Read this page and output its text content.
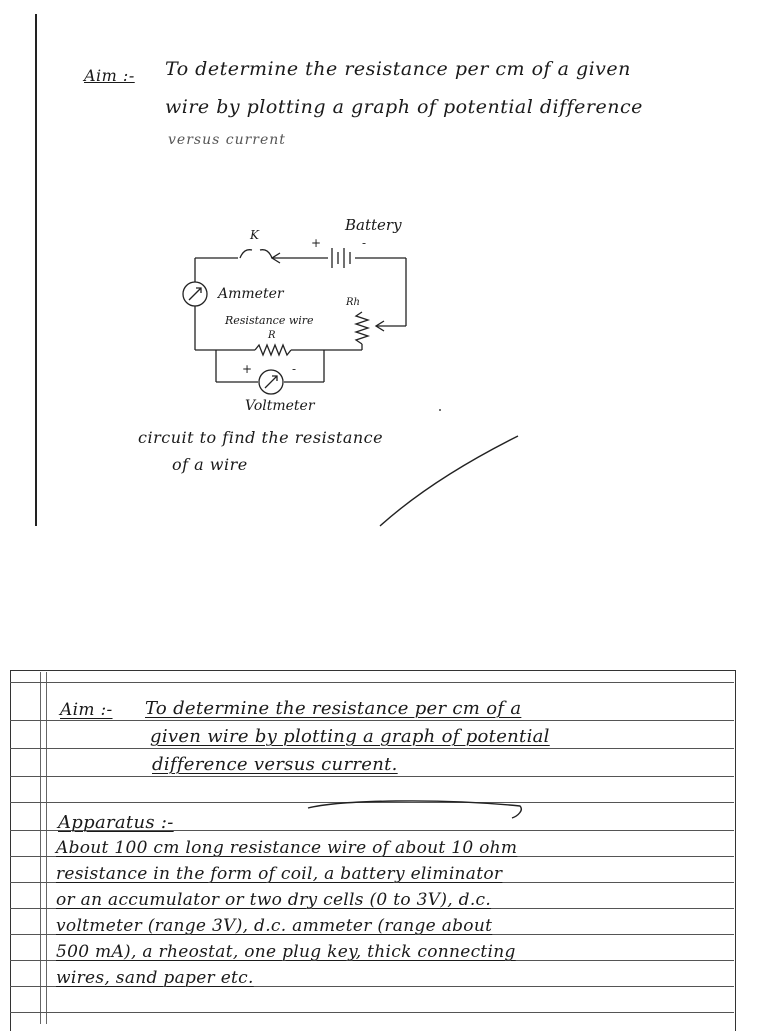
Aim :- To determine the resistance per cm of a given
wire by plotting a graph of potential difference
versus current
Battery
K
+	-
Ammeter
Resistance wire
R
Rh
+	-
Voltmeter
circuit to find the resistance
of a wire
Aim :- To determine the resistance per cm of a
given wire by plotting a graph of potential
difference versus current.
Apparatus :-
About 100 cm long resistance wire of about 10 ohm
resistance in the form of coil, a battery eliminator
or an accumulator or two dry cells (0 to 3V), d.c.
voltmeter (range 3V), d.c. ammeter (range about
500 mA), a rheostat, one plug key, thick connecting
wires, sand paper etc.
